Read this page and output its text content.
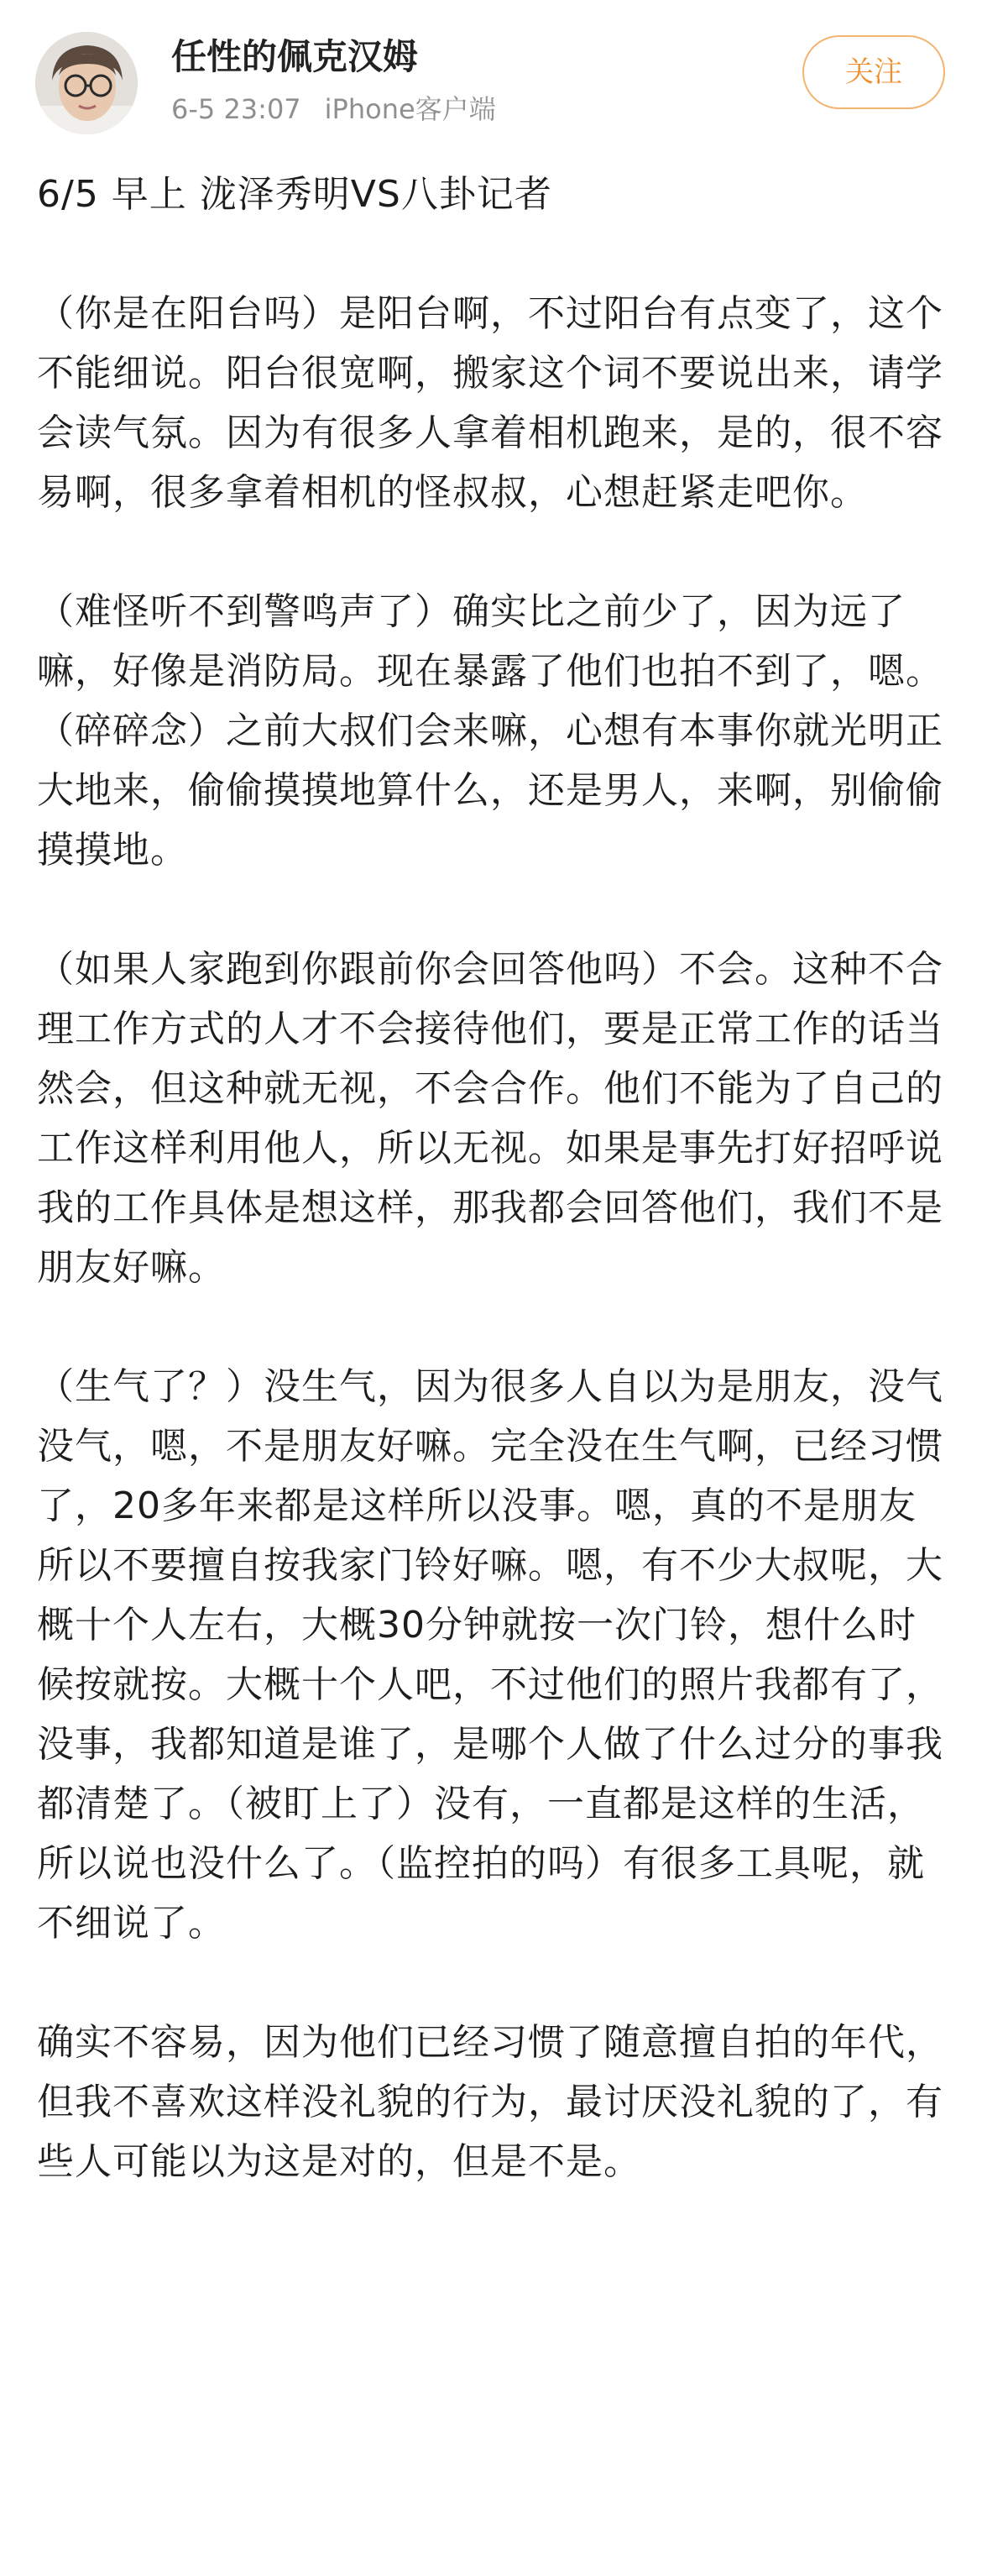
任性的佩克汉姆
6-5 23:07 iPhone客户端
关注

6/5 早上 泷泽秀明VS八卦记者

（你是在阳台吗）是阳台啊，不过阳台有点变了，这个不能细说。阳台很宽啊，搬家这个词不要说出来，请学会读气氛。因为有很多人拿着相机跑来，是的，很不容易啊，很多拿着相机的怪叔叔，心想赶紧走吧你。

（难怪听不到警鸣声了）确实比之前少了，因为远了嘛，好像是消防局。现在暴露了他们也拍不到了，嗯。（碎碎念）之前大叔们会来嘛，心想有本事你就光明正大地来，偷偷摸摸地算什么，还是男人，来啊，别偷偷摸摸地。

（如果人家跑到你跟前你会回答他吗）不会。这种不合理工作方式的人才不会接待他们，要是正常工作的话当然会，但这种就无视，不会合作。他们不能为了自己的工作这样利用他人，所以无视。如果是事先打好招呼说我的工作具体是想这样，那我都会回答他们，我们不是朋友好嘛。

（生气了？）没生气，因为很多人自以为是朋友，没气没气，嗯，不是朋友好嘛。完全没在生气啊，已经习惯了，20多年来都是这样所以没事。嗯，真的不是朋友所以不要擅自按我家门铃好嘛。嗯，有不少大叔呢，大概十个人左右，大概30分钟就按一次门铃，想什么时候按就按。大概十个人吧，不过他们的照片我都有了，没事，我都知道是谁了，是哪个人做了什么过分的事我都清楚了。（被盯上了）没有，一直都是这样的生活，所以说也没什么了。（监控拍的吗）有很多工具呢，就不细说了。

确实不容易，因为他们已经习惯了随意擅自拍的年代，但我不喜欢这样没礼貌的行为，最讨厌没礼貌的了，有些人可能以为这是对的，但是不是。
